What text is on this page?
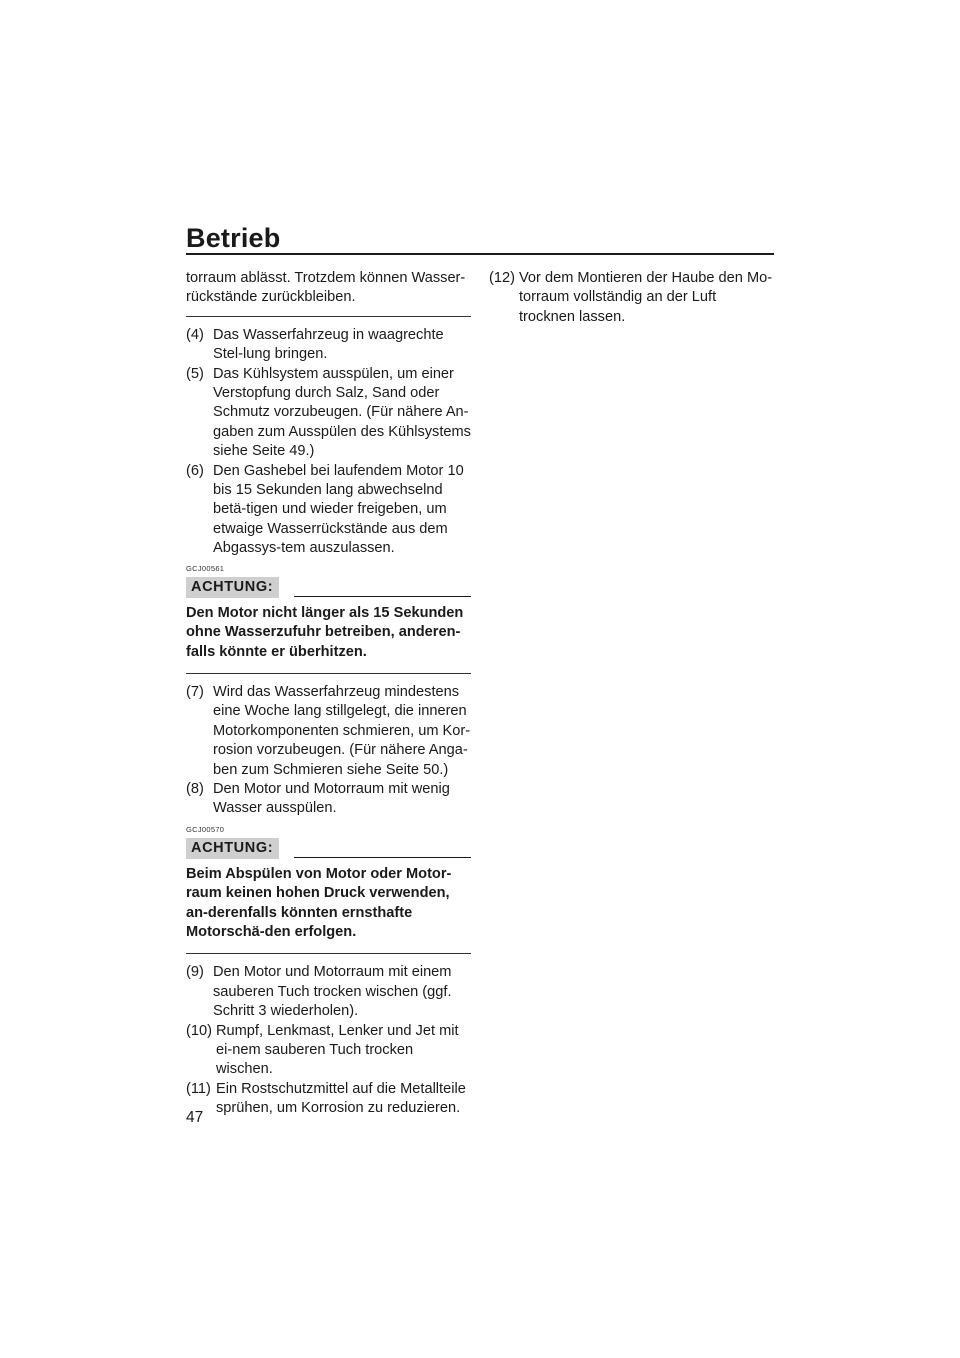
Betrieb

torraum ablässt. Trotzdem können Wasser-rückstände zurückbleiben.

(4) Das Wasserfahrzeug in waagrechte Stel-lung bringen.
(5) Das Kühlsystem ausspülen, um einer Verstopfung durch Salz, Sand oder Schmutz vorzubeugen. (Für nähere An-gaben zum Ausspülen des Kühlsystems siehe Seite 49.)
(6) Den Gashebel bei laufendem Motor 10 bis 15 Sekunden lang abwechselnd betä-tigen und wieder freigeben, um etwaige Wasserrückstände aus dem Abgassys-tem auszulassen.
GCJ00561
ACHTUNG:

Den Motor nicht länger als 15 Sekunden ohne Wasserzufuhr betreiben, anderen-falls könnte er überhitzen.

(7) Wird das Wasserfahrzeug mindestens eine Woche lang stillgelegt, die inneren Motorkomponenten schmieren, um Kor-rosion vorzubeugen. (Für nähere Anga-ben zum Schmieren siehe Seite 50.)
(8) Den Motor und Motorraum mit wenig Wasser ausspülen.
GCJ00570
ACHTUNG:

Beim Abspülen von Motor oder Motor-raum keinen hohen Druck verwenden, an-derenfalls könnten ernsthafte Motorschä-den erfolgen.

(9) Den Motor und Motorraum mit einem sauberen Tuch trocken wischen (ggf. Schritt 3 wiederholen).
(10) Rumpf, Lenkmast, Lenker und Jet mit ei-nem sauberen Tuch trocken wischen.
(11) Ein Rostschutzmittel auf die Metallteile sprühen, um Korrosion zu reduzieren.
(12) Vor dem Montieren der Haube den Mo-torraum vollständig an der Luft trocknen lassen.
47
